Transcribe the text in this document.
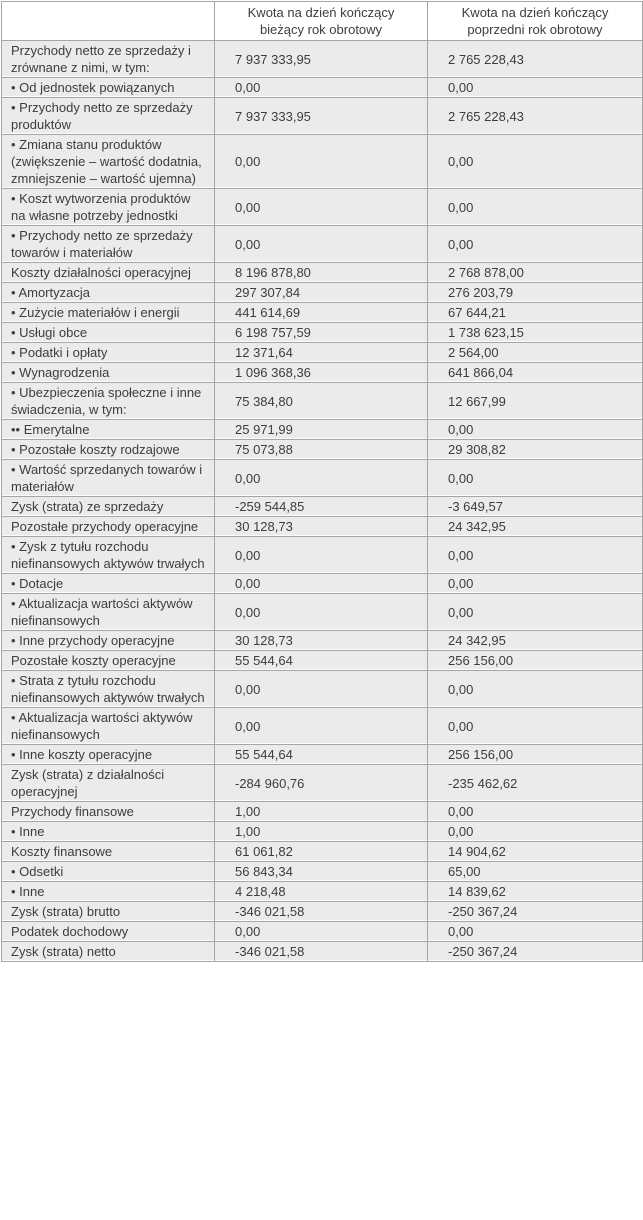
	Kwota na dzień kończący bieżący rok obrotowy	Kwota na dzień kończący poprzedni rok obrotowy
Przychody netto ze sprzedaży i zrównane z nimi, w tym:	7 937 333,95	2 765 228,43
• Od jednostek powiązanych	0,00	0,00
• Przychody netto ze sprzedaży produktów	7 937 333,95	2 765 228,43
• Zmiana stanu produktów (zwiększenie – wartość dodatnia, zmniejszenie – wartość ujemna)	0,00	0,00
• Koszt wytworzenia produktów na własne potrzeby jednostki	0,00	0,00
• Przychody netto ze sprzedaży towarów i materiałów	0,00	0,00
Koszty działalności operacyjnej	8 196 878,80	2 768 878,00
• Amortyzacja	297 307,84	276 203,79
• Zużycie materiałów i energii	441 614,69	67 644,21
• Usługi obce	6 198 757,59	1 738 623,15
• Podatki i opłaty	12 371,64	2 564,00
• Wynagrodzenia	1 096 368,36	641 866,04
• Ubezpieczenia społeczne i inne świadczenia, w tym:	75 384,80	12 667,99
•• Emerytalne	25 971,99	0,00
• Pozostałe koszty rodzajowe	75 073,88	29 308,82
• Wartość sprzedanych towarów i materiałów	0,00	0,00
Zysk (strata) ze sprzedaży	-259 544,85	-3 649,57
Pozostałe przychody operacyjne	30 128,73	24 342,95
• Zysk z tytułu rozchodu niefinansowych aktywów trwałych	0,00	0,00
• Dotacje	0,00	0,00
• Aktualizacja wartości aktywów niefinansowych	0,00	0,00
• Inne przychody operacyjne	30 128,73	24 342,95
Pozostałe koszty operacyjne	55 544,64	256 156,00
• Strata z tytułu rozchodu niefinansowych aktywów trwałych	0,00	0,00
• Aktualizacja wartości aktywów niefinansowych	0,00	0,00
• Inne koszty operacyjne	55 544,64	256 156,00
Zysk (strata) z działalności operacyjnej	-284 960,76	-235 462,62
Przychody finansowe	1,00	0,00
• Inne	1,00	0,00
Koszty finansowe	61 061,82	14 904,62
• Odsetki	56 843,34	65,00
• Inne	4 218,48	14 839,62
Zysk (strata) brutto	-346 021,58	-250 367,24
Podatek dochodowy	0,00	0,00
Zysk (strata) netto	-346 021,58	-250 367,24
